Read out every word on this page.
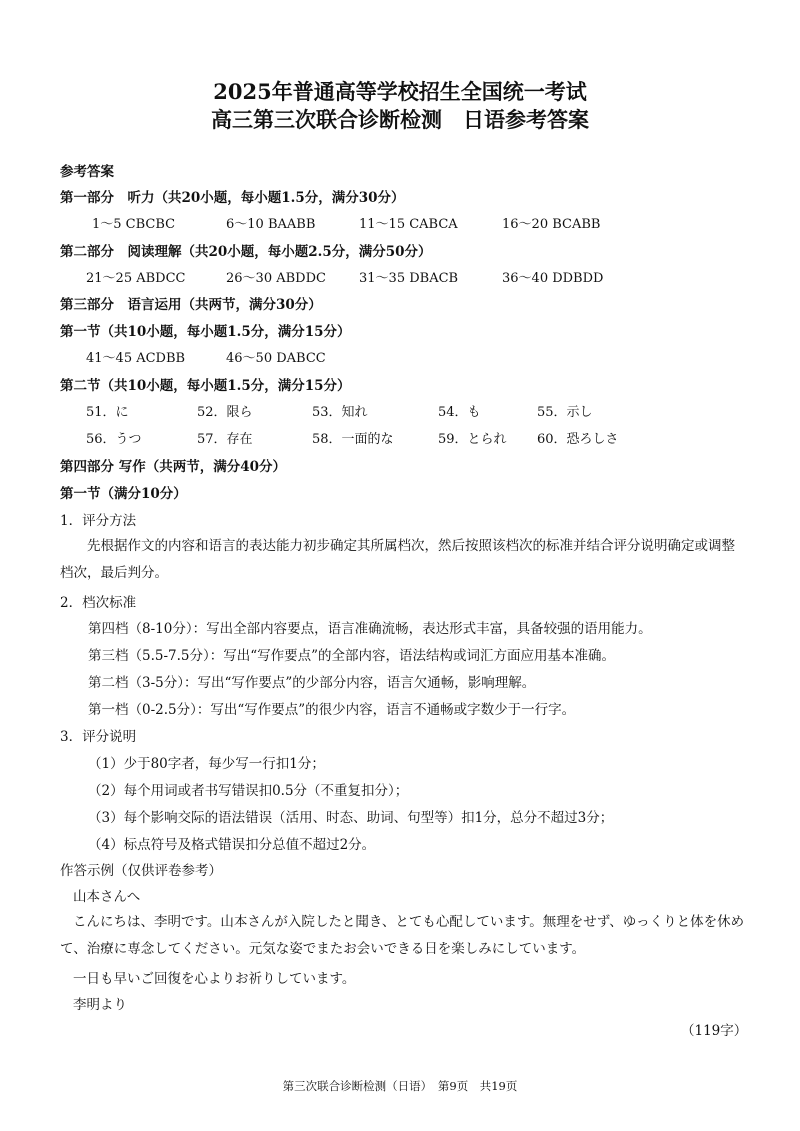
2025年普通高等学校招生全国统一考试
高三第三次联合诊断检测　日语参考答案
参考答案
第一部分　听力（共20小题，每小题1.5分，满分30分）
1～5 CBCBC	6～10 BAABB	11～15 CABCA	16～20 BCABB
第二部分　阅读理解（共20小题，每小题2.5分，满分50分）
21～25 ABDCC	26～30 ABDDC	31～35 DBACB	36～40 DDBDD
第三部分　语言运用（共两节，满分30分）
第一节（共10小题，每小题1.5分，满分15分）
41～45 ACDBB	46～50 DABCC
第二节（共10小题，每小题1.5分，满分15分）
51．に	52．限ら	53．知れ	54．も	55．示し
56．うつ	57．存在	58．一面的な	59．とられ 60．恐ろしさ
第四部分 写作（共两节，满分40分）
第一节（满分10分）
1．评分方法
先根据作文的内容和语言的表达能力初步确定其所属档次，然后按照该档次的标准并结合评分说明确定或调整档次，最后判分。
2．档次标准
第四档（8-10分）：写出全部内容要点，语言准确流畅，表达形式丰富，具备较强的语用能力。
第三档（5.5-7.5分）：写出“写作要点”的全部内容，语法结构或词汇方面应用基本准确。
第二档（3-5分）：写出“写作要点”的少部分内容，语言欠通畅，影响理解。
第一档（0-2.5分）：写出“写作要点”的很少内容，语言不通畅或字数少于一行字。
3．评分说明
（1）少于80字者，每少写一行扣1分；
（2）每个用词或者书写错误扣0.5分（不重复扣分）；
（3）每个影响交际的语法错误（活用、时态、助词、句型等）扣1分，总分不超过3分；
（4）标点符号及格式错误扣分总值不超过2分。
作答示例（仅供评卷参考）
山本さんへ
こんにちは、李明です。山本さんが入院したと聞き、とても心配しています。無理をせず、ゆっくりと体を休めて、治療に専念してください。元気な姿でまたお会いできる日を楽しみにしています。
一日も早いご回復を心よりお祈りしています。
李明より
（119字）
第三次联合诊断检测（日语）　第9页　共19页
